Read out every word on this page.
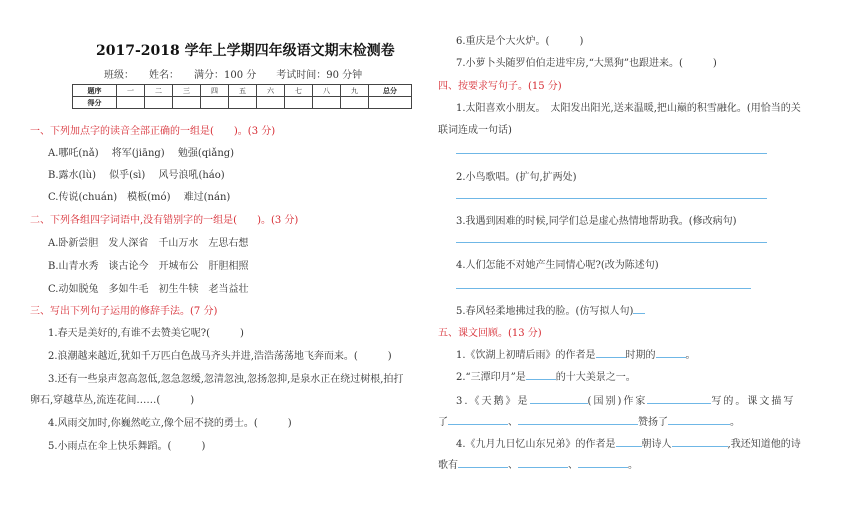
2017-2018 学年上学期四年级语文期末检测卷
班级：　　姓名：　　满分：100 分　　考试时间：90 分钟
题序	一	二	三	四	五	六	七	八	九	总分
得分										
一、下列加点字的读音全部正确的一组是(　　)。(3 分)
A.哪吒(nǎ)　 将军(jiāng)　 勉强(qiǎng)
B.露水(lù)　 似乎(sì)　 风号浪吼(háo)
C.传说(chuán)　模板(mó)　 难过(nán)
二、下列各组四字词语中,没有错别字的一组是(　　)。(3 分)
A.卧新尝胆　发人深省　千山万水　左思右想
B.山青水秀　谈古论今　开城布公　肝胆相照
C.动如脱兔　多如牛毛　初生牛犊　老当益壮
三、写出下列句子运用的修辞手法。(7 分)
1.春天是美好的,有谁不去赞美它呢?(　　　)
2.浪潮越来越近,犹如千万匹白色战马齐头并进,浩浩荡荡地飞奔而来。(　　　)
3.还有一些泉声忽高忽低,忽急忽缓,忽清忽浊,忽扬忽抑,是泉水正在绕过树根,拍打
卵石,穿越草丛,流连花间……(　　　)
4.风雨交加时,你巍然屹立,像个屈不挠的勇士。(　　　)
5.小雨点在伞上快乐舞蹈。(　　　)
6.重庆是个大火炉。(　　　)
7.小萝卜头随罗伯伯走进牢房,“大黑狗”也跟进来。(　　　)
四、按要求写句子。(15 分)
1.太阳喜欢小朋友。　太阳发出阳光,送来温暖,把山巅的积雪融化。(用恰当的关
联词连成一句话)
2.小鸟歌唱。(扩句,扩两处)
3.我遇到困难的时候,同学们总是虚心热情地帮助我。(修改病句)
4.人们怎能不对她产生同情心呢?(改为陈述句)
5.春风轻柔地拂过我的脸。(仿写拟人句)
五、课文回顾。(13 分)
1.《饮湖上初晴后雨》的作者是	时期的	。
2.“三潭印月”是	的十大美景之一。
3.《天鹅》是	(国别)作家	写的。课文描写
了	、	赞扬了	。
4.《九月九日忆山东兄弟》的作者是	朝诗人	,我还知道他的诗
歌有	、	、	。
